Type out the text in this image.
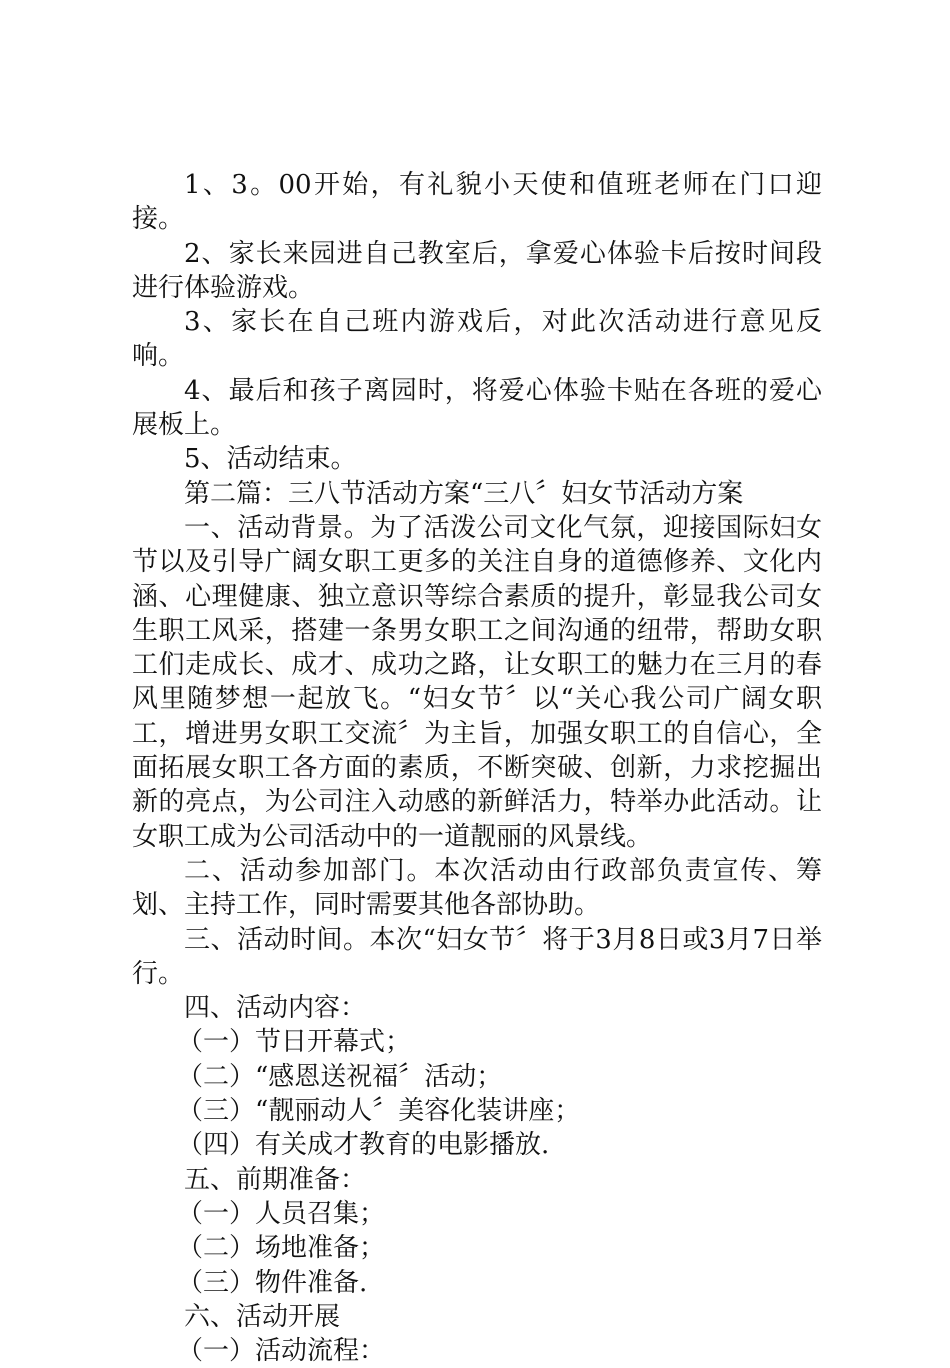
1、3。00开始，有礼貌小天使和值班老师在门口迎接。

2、家长来园进自己教室后，拿爱心体验卡后按时间段进行体验游戏。

3、家长在自己班内游戏后，对此次活动进行意见反响。

4、最后和孩子离园时，将爱心体验卡贴在各班的爱心展板上。

5、活动结束。

第二篇：三八节活动方案“三八〞妇女节活动方案

一、活动背景。为了活泼公司文化气氛，迎接国际妇女节以及引导广阔女职工更多的关注自身的道德修养、文化内涵、心理健康、独立意识等综合素质的提升，彰显我公司女生职工风采，搭建一条男女职工之间沟通的纽带，帮助女职工们走成长、成才、成功之路，让女职工的魅力在三月的春风里随梦想一起放飞。“妇女节〞以“关心我公司广阔女职工，增进男女职工交流〞为主旨，加强女职工的自信心，全面拓展女职工各方面的素质，不断突破、创新，力求挖掘出新的亮点，为公司注入动感的新鲜活力，特举办此活动。让女职工成为公司活动中的一道靓丽的风景线。

二、活动参加部门。本次活动由行政部负责宣传、筹划、主持工作，同时需要其他各部协助。

三、活动时间。本次“妇女节〞将于3月8日或3月7日举行。

四、活动内容：

（一）节日开幕式；

（二）“感恩送祝福〞活动；

（三）“靓丽动人〞美容化装讲座；

（四）有关成才教育的电影播放.

五、前期准备：

（一）人员召集；

（二）场地准备；

（三）物件准备.

六、活动开展

（一）活动流程：
